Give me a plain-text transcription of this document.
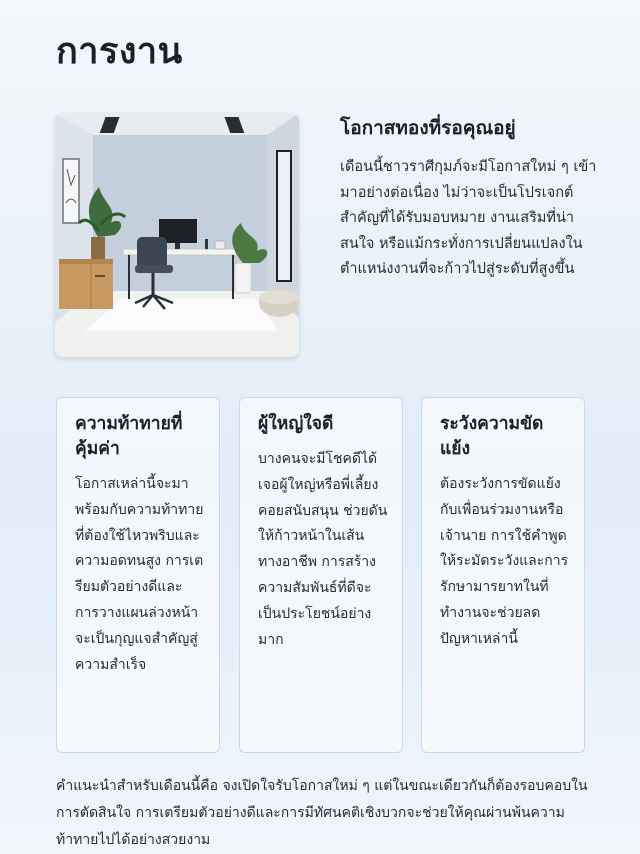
การงาน
โอกาสทองที่รอคุณอยู่

เดือนนี้ชาวราศีกุมภ์จะมีโอกาสใหม่ ๆ เข้ามาอย่างต่อเนื่อง ไม่ว่าจะเป็นโปรเจกต์สำคัญที่ได้รับมอบหมาย งานเสริมที่น่าสนใจ หรือแม้กระทั่งการเปลี่ยนแปลงในตำแหน่งงานที่จะก้าวไปสู่ระดับที่สูงขึ้น

ความท้าทายที่คุ้มค่า

โอกาสเหล่านี้จะมาพร้อมกับความท้าทายที่ต้องใช้ไหวพริบและความอดทนสูง การเตรียมตัวอย่างดีและการวางแผนล่วงหน้าจะเป็นกุญแจสำคัญสู่ความสำเร็จ

ผู้ใหญ่ใจดี

บางคนจะมีโชคดีได้เจอผู้ใหญ่หรือพี่เลี้ยงคอยสนับสนุน ช่วยดันให้ก้าวหน้าในเส้นทางอาชีพ การสร้างความสัมพันธ์ที่ดีจะเป็นประโยชน์อย่างมาก

ระวังความขัดแย้ง

ต้องระวังการขัดแย้งกับเพื่อนร่วมงานหรือเจ้านาย การใช้คำพูดให้ระมัดระวังและการรักษามารยาทในที่ทำงานจะช่วยลดปัญหาเหล่านี้

คำแนะนำสำหรับเดือนนี้คือ จงเปิดใจรับโอกาสใหม่ ๆ แต่ในขณะเดียวกันก็ต้องรอบคอบในการตัดสินใจ การเตรียมตัวอย่างดีและการมีทัศนคติเชิงบวกจะช่วยให้คุณผ่านพ้นความท้าทายไปได้อย่างสวยงาม
